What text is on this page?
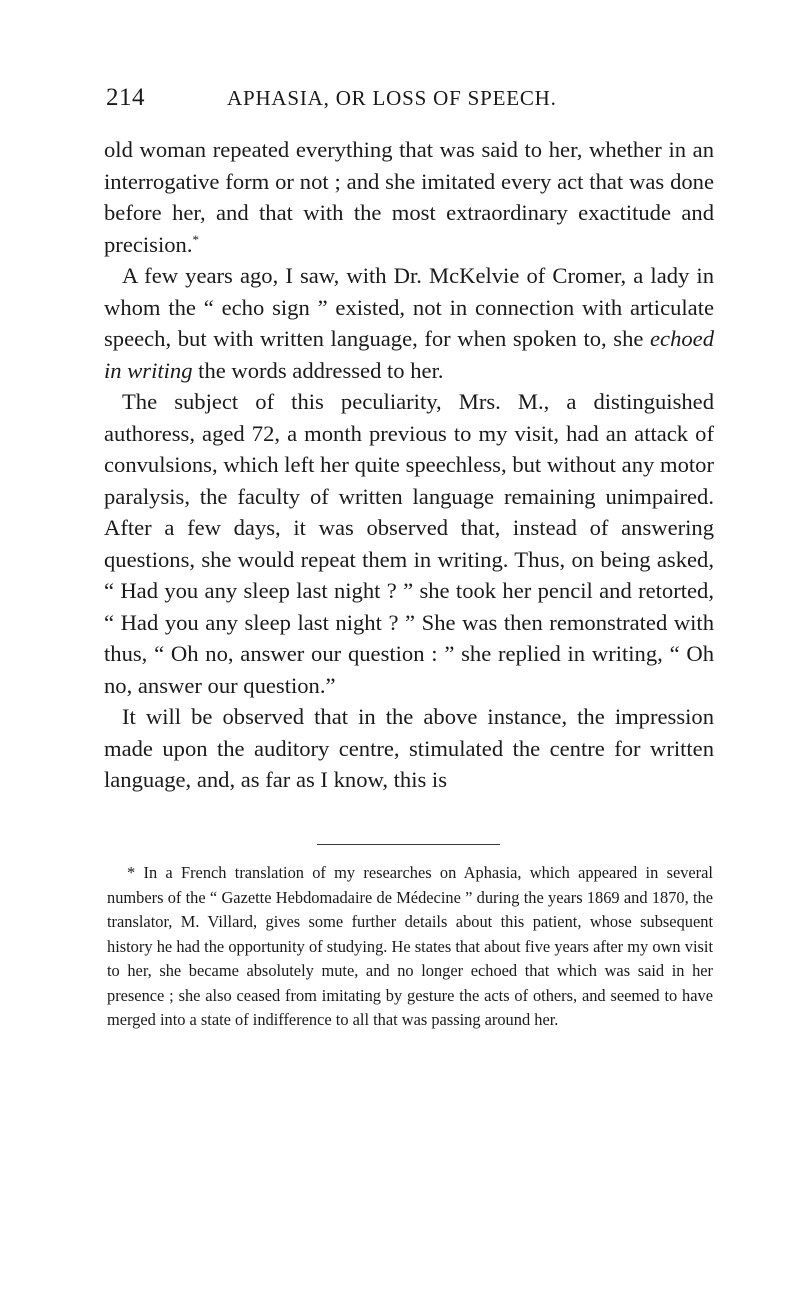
214	APHASIA, OR LOSS OF SPEECH.

old woman repeated everything that was said to her, whether in an interrogative form or not ; and she imitated every act that was done before her, and that with the most extraordinary exactitude and precision.*

A few years ago, I saw, with Dr. McKelvie of Cromer, a lady in whom the “ echo sign ” existed, not in connection with articulate speech, but with written language, for when spoken to, she echoed in writing the words addressed to her.

The subject of this peculiarity, Mrs. M., a distinguished authoress, aged 72, a month previous to my visit, had an attack of convulsions, which left her quite speechless, but without any motor paralysis, the faculty of written language remaining unimpaired. After a few days, it was observed that, instead of answering questions, she would repeat them in writing. Thus, on being asked, “ Had you any sleep last night ? ” she took her pencil and retorted, “ Had you any sleep last night ? ” She was then remonstrated with thus, “ Oh no, answer our question : ” she replied in writing, “ Oh no, answer our question.”

It will be observed that in the above instance, the impression made upon the auditory centre, stimulated the centre for written language, and, as far as I know, this is

* In a French translation of my researches on Aphasia, which appeared in several numbers of the “ Gazette Hebdomadaire de Médecine ” during the years 1869 and 1870, the translator, M. Villard, gives some further details about this patient, whose subsequent history he had the opportunity of studying. He states that about five years after my own visit to her, she became absolutely mute, and no longer echoed that which was said in her presence ; she also ceased from imitating by gesture the acts of others, and seemed to have merged into a state of indifference to all that was passing around her.
